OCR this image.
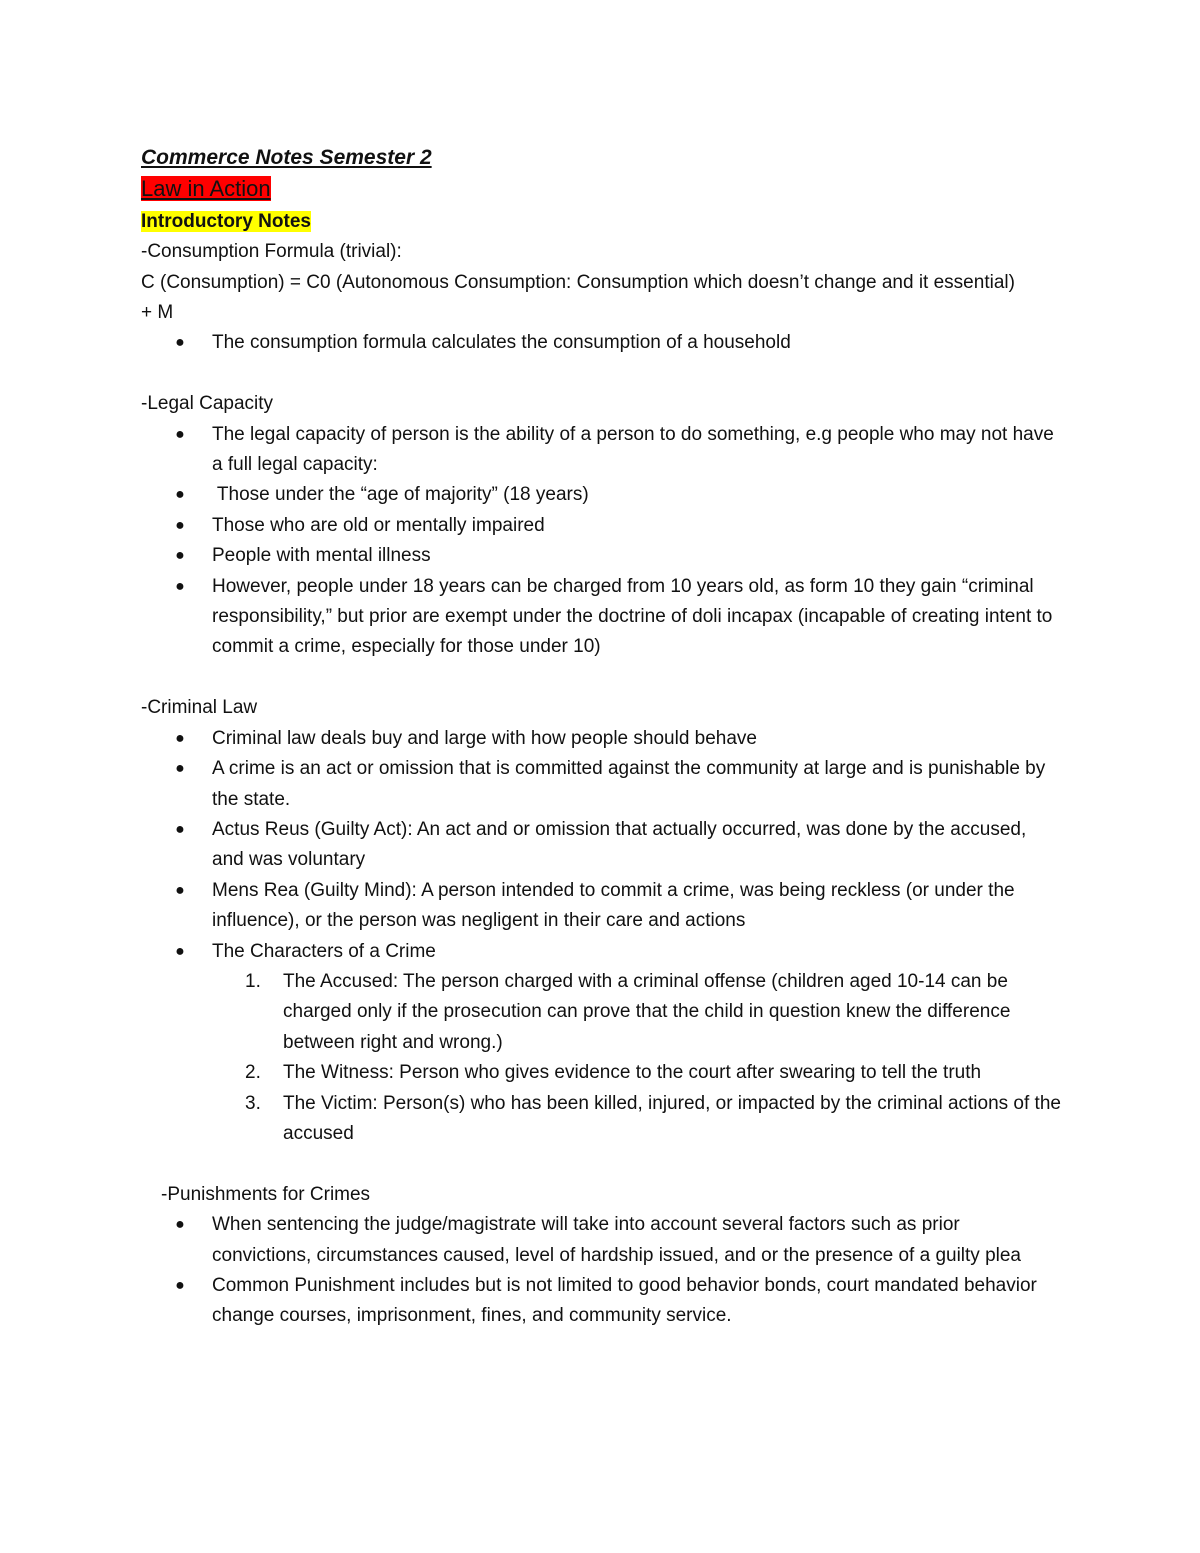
Commerce Notes Semester 2
Law in Action
Introductory Notes
-Consumption Formula (trivial):
C (Consumption) = C0 (Autonomous Consumption: Consumption which doesn’t change and it essential)
+ M
● The consumption formula calculates the consumption of a household
-Legal Capacity
● The legal capacity of person is the ability of a person to do something, e.g people who may not have a full legal capacity:
● Those under the “age of majority” (18 years)
● Those who are old or mentally impaired
● People with mental illness
● However, people under 18 years can be charged from 10 years old, as form 10 they gain “criminal responsibility,” but prior are exempt under the doctrine of doli incapax (incapable of creating intent to commit a crime, especially for those under 10)
-Criminal Law
● Criminal law deals buy and large with how people should behave
● A crime is an act or omission that is committed against the community at large and is punishable by the state.
● Actus Reus (Guilty Act): An act and or omission that actually occurred, was done by the accused, and was voluntary
● Mens Rea (Guilty Mind): A person intended to commit a crime, was being reckless (or under the influence), or the person was negligent in their care and actions
● The Characters of a Crime
1. The Accused: The person charged with a criminal offense (children aged 10-14 can be charged only if the prosecution can prove that the child in question knew the difference between right and wrong.)
2. The Witness: Person who gives evidence to the court after swearing to tell the truth
3. The Victim: Person(s) who has been killed, injured, or impacted by the criminal actions of the accused
-Punishments for Crimes
● When sentencing the judge/magistrate will take into account several factors such as prior convictions, circumstances caused, level of hardship issued, and or the presence of a guilty plea
● Common Punishment includes but is not limited to good behavior bonds, court mandated behavior change courses, imprisonment, fines, and community service.
